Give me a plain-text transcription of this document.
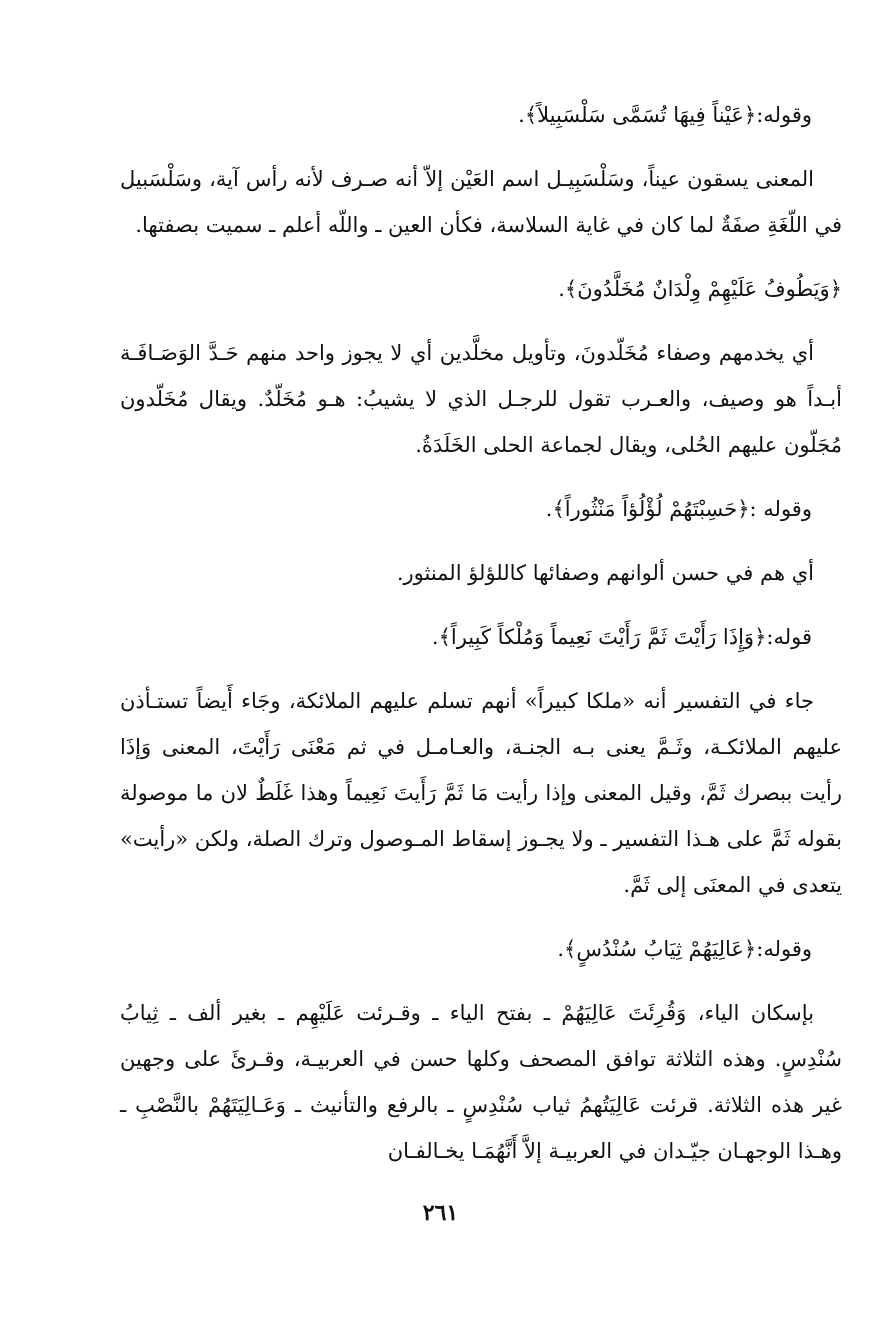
وقوله:﴿عَيْناً فِيهَا تُسَمَّى سَلْسَبِيلاً﴾.

المعنى يسقون عيناً، وسَلْسَبِيـل اسم العَيْن إلاّ أنه صـرف لأنه رأس آية، وسَلْسَبيل في اللّغَةِ صفَةٌ لما كان في غاية السلاسة، فكأن العين ـ واللّه أعلم ـ سميت بصفتها.

﴿وَيَطُوفُ عَلَيْهِمْ وِلْدَانٌ مُخَلَّدُونَ﴾.

أي يخدمهم وصفاء مُخَلّدونَ، وتأويل مخلَّدين أي لا يجوز واحد منهم حَـدَّ الوَصَـافَـة أبـداً هو وصيف، والعـرب تقول للرجـل الذي لا يشيبُ: هـو مُخَلّدٌ. ويقال مُخَلّدون مُجَلّون عليهم الحُلى، ويقال لجماعة الحلى الخَلَدَةُ.

وقوله :﴿حَسِبْتَهُمْ لُؤْلُؤاً مَنْثُوراً﴾.

أي هم في حسن ألوانهم وصفائها كاللؤلؤ المنثور.

قوله:﴿وَإِذَا رَأَيْتَ ثَمَّ رَأَيْتَ نَعِيماً وَمُلْكاً كَبِيراً﴾.

جاء في التفسير أنه «ملكا كبيراً» أنهم تسلم عليهم الملائكة، وجَاء أَيضاً تستـأذن عليهم الملائكـة، وثَـمَّ يعنى بـه الجنـة، والعـامـل في ثم مَعْنَى رَأَيْتَ، المعنى وَإذَا رأيت ببصرك ثَمَّ، وقيل المعنى وإذا رأيت مَا ثَمَّ رَأَيتَ نَعِيماً وهذا غَلَطٌ لان ما موصولة بقوله ثَمَّ على هـذا التفسير ـ ولا يجـوز إسقاط المـوصول وترك الصلة، ولكن «رأيت» يتعدى في المعنَى إلى ثَمَّ.

وقوله:﴿عَالِيَهُمْ ثِيَابُ سُنْدُسٍ﴾.

بإسكان الياء، وَقُرِئَتَ عَالِيَهُمْ ـ بفتح الياء ـ وقـرئت عَلَيْهِم ـ بغير ألف ـ ثِيابُ سُنْدِسٍ. وهذه الثلاثة توافق المصحف وكلها حسن في العربيـة، وقـرئَ على وجهين غير هذه الثلاثة. قرئت عَالِيَتُهمُ ثياب سُنْدِسٍ ـ بالرفع والتأنيث ـ وَعَـالِيَتَهُمْ بالنَّصْبِ ـ وهـذا الوجهـان جيّـدان في العربيـة إلاَّ أَنَّهُمَـا يخـالفـان

٢٦١
